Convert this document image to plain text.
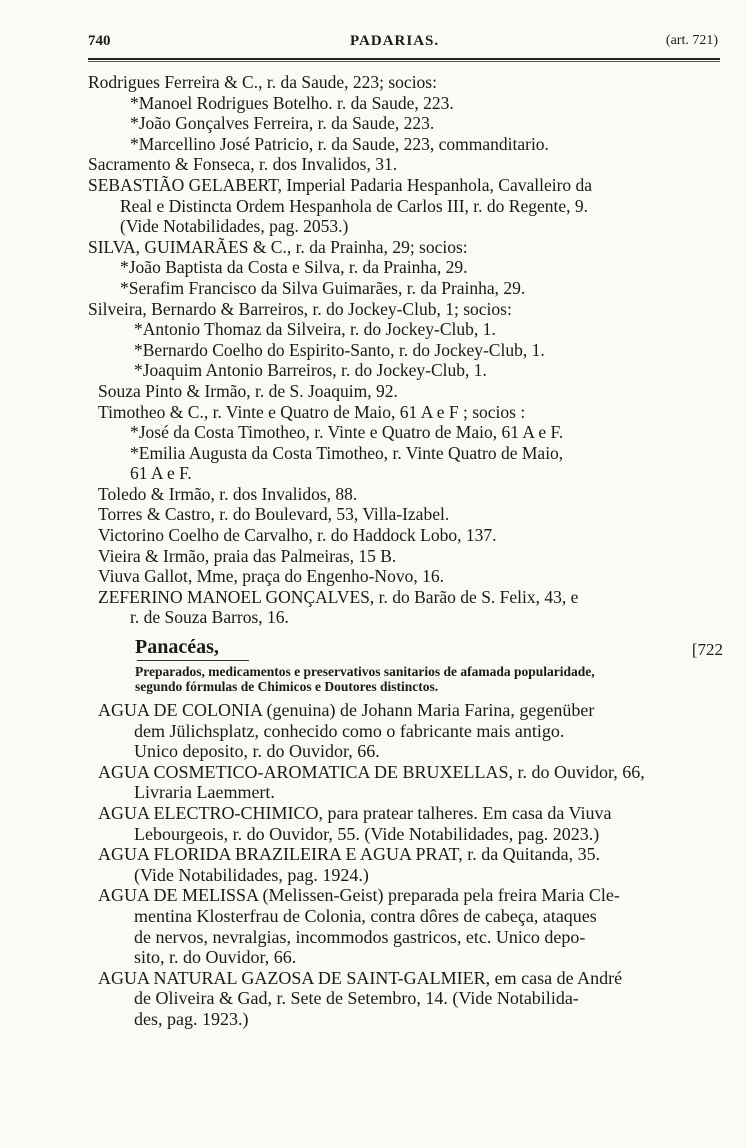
740	PADARIAS.	(art. 721)
Rodrigues Ferreira & C., r. da Saude, 223; socios:
*Manoel Rodrigues Botelho. r. da Saude, 223.
*João Gonçalves Ferreira, r. da Saude, 223.
*Marcellino José Patricio, r. da Saude, 223, commanditario.
Sacramento & Fonseca, r. dos Invalidos, 31.
SEBASTIÃO GELABERT, Imperial Padaria Hespanhola, Cavalleiro da
Real e Distincta Ordem Hespanhola de Carlos III, r. do Regente, 9.
(Vide Notabilidades, pag. 2053.)
SILVA, GUIMARÃES & C., r. da Prainha, 29; socios:
*João Baptista da Costa e Silva, r. da Prainha, 29.
*Serafim Francisco da Silva Guimarães, r. da Prainha, 29.
Silveira, Bernardo & Barreiros, r. do Jockey-Club, 1; socios:
*Antonio Thomaz da Silveira, r. do Jockey-Club, 1.
*Bernardo Coelho do Espirito-Santo, r. do Jockey-Club, 1.
*Joaquim Antonio Barreiros, r. do Jockey-Club, 1.
Souza Pinto & Irmão, r. de S. Joaquim, 92.
Timotheo & C., r. Vinte e Quatro de Maio, 61 A e F ; socios :
*José da Costa Timotheo, r. Vinte e Quatro de Maio, 61 A e F.
*Emilia Augusta da Costa Timotheo, r. Vinte Quatro de Maio,
61 A e F.
Toledo & Irmão, r. dos Invalidos, 88.
Torres & Castro, r. do Boulevard, 53, Villa-Izabel.
Victorino Coelho de Carvalho, r. do Haddock Lobo, 137.
Vieira & Irmão, praia das Palmeiras, 15 B.
Viuva Gallot, Mme, praça do Engenho-Novo, 16.
ZEFERINO MANOEL GONÇALVES, r. do Barão de S. Felix, 43, e
r. de Souza Barros, 16.
Panacéas,	[722
Preparados, medicamentos e preservativos sanitarios de afamada popularidade,
segundo fórmulas de Chimicos e Doutores distinctos.
AGUA DE COLONIA (genuina) de Johann Maria Farina, gegenüber
dem Jülichsplatz, conhecido como o fabricante mais antigo.
Unico deposito, r. do Ouvidor, 66.
AGUA COSMETICO-AROMATICA DE BRUXELLAS, r. do Ouvidor, 66,
Livraria Laemmert.
AGUA ELECTRO-CHIMICO, para pratear talheres. Em casa da Viuva
Lebourgeois, r. do Ouvidor, 55. (Vide Notabilidades, pag. 2023.)
AGUA FLORIDA BRAZILEIRA E AGUA PRAT, r. da Quitanda, 35.
(Vide Notabilidades, pag. 1924.)
AGUA DE MELISSA (Melissen-Geist) preparada pela freira Maria Cle-
mentina Klosterfrau de Colonia, contra dôres de cabeça, ataques
de nervos, nevralgias, incommodos gastricos, etc. Unico depo-
sito, r. do Ouvidor, 66.
AGUA NATURAL GAZOSA DE SAINT-GALMIER, em casa de André
de Oliveira & Gad, r. Sete de Setembro, 14. (Vide Notabilida-
des, pag. 1923.)
